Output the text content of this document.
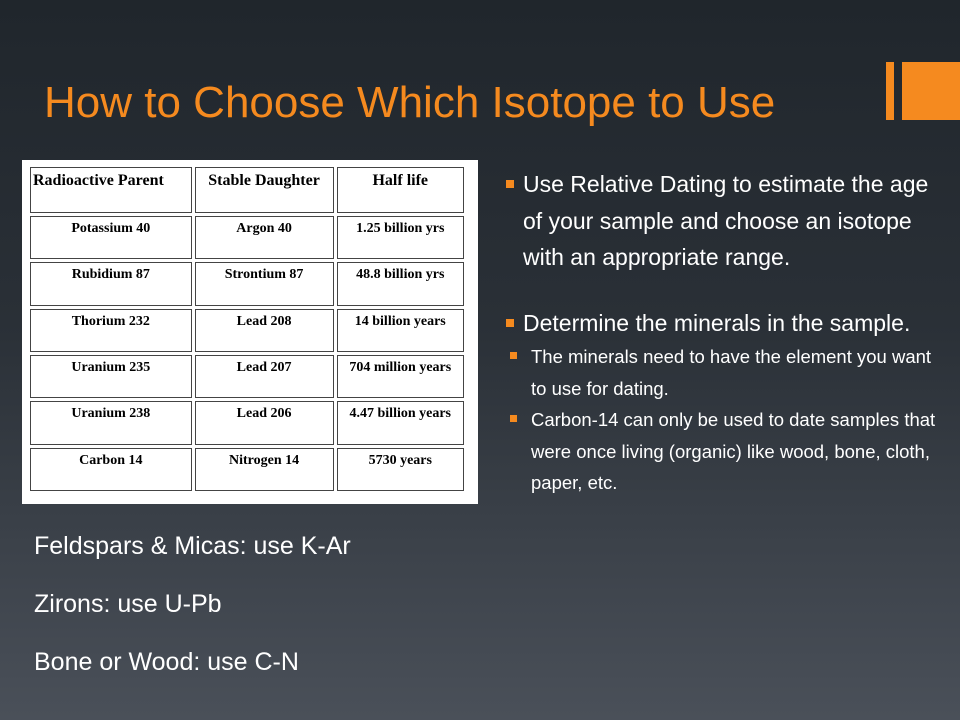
How to Choose Which Isotope to Use
Radioactive Parent	Stable Daughter	Half life
Potassium 40	Argon 40	1.25 billion yrs
Rubidium 87	Strontium 87	48.8 billion yrs
Thorium 232	Lead 208	14 billion years
Uranium 235	Lead 207	704 million years
Uranium 238	Lead 206	4.47 billion years
Carbon 14	Nitrogen 14	5730 years
Feldspars & Micas: use K-Ar
Zirons: use U-Pb
Bone or Wood: use C-N
Use Relative Dating to estimate the age of your sample and choose an isotope with an appropriate range.
Determine the minerals in the sample.
The minerals need to have the element you want to use for dating.
Carbon-14 can only be used to date samples that were once living (organic) like wood, bone, cloth, paper, etc.
